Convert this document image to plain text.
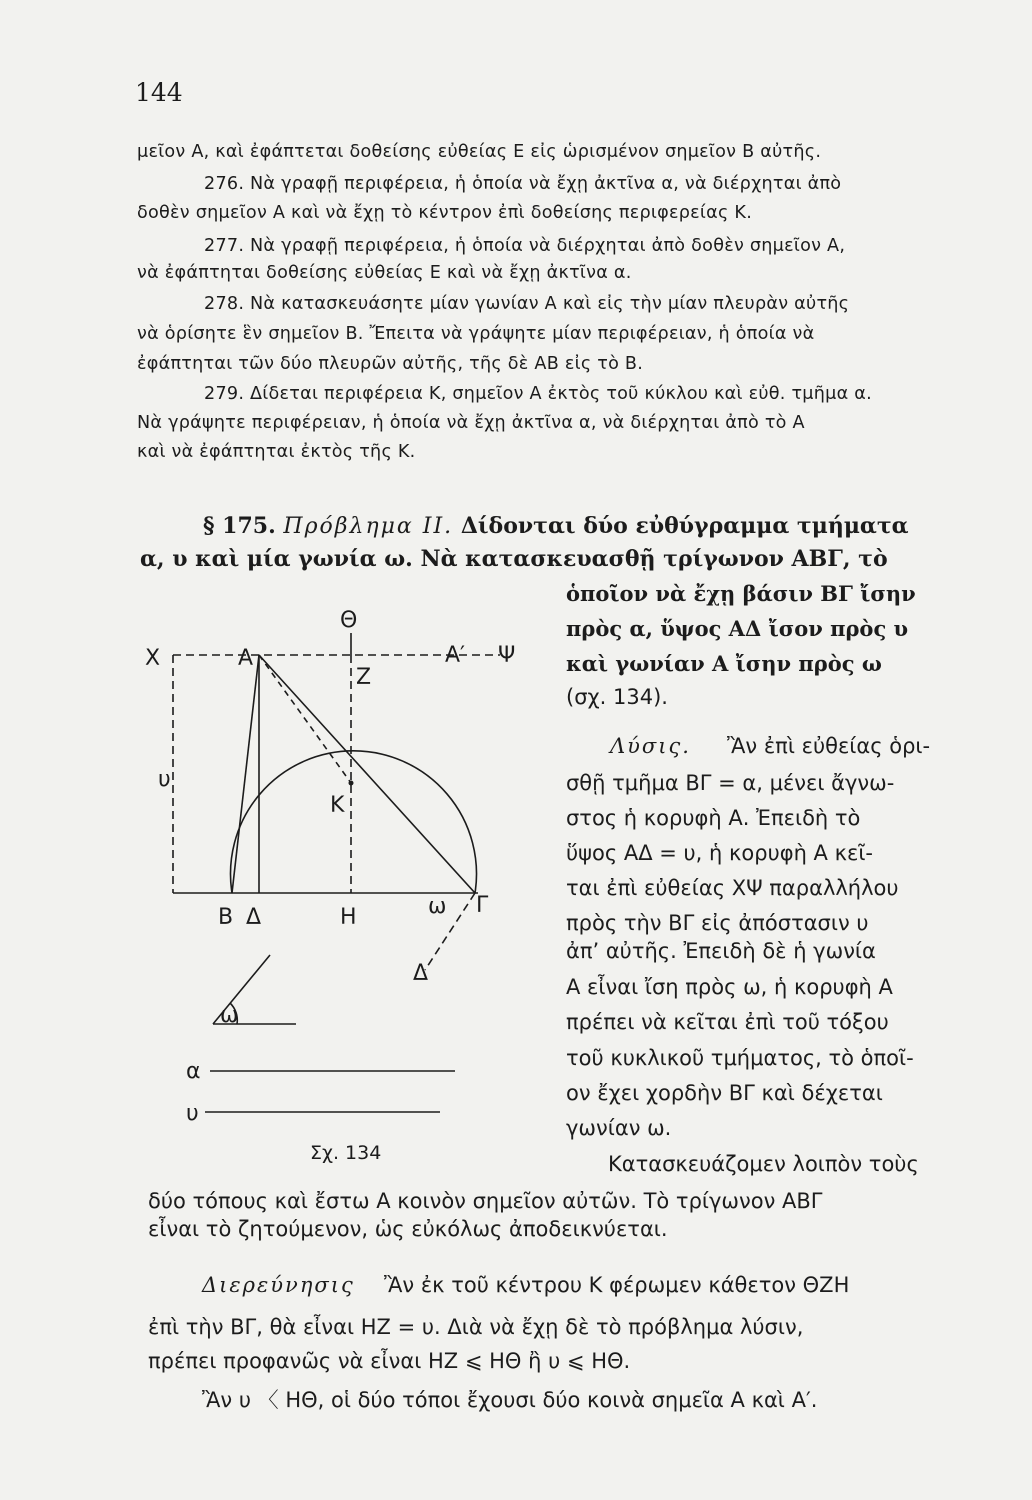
144
μεῖον Α, καὶ ἐφάπτεται δοθείσης εὐθείας Ε εἰς ὡρισμένον σημεῖον Β αὐτῆς.
276. Νὰ γραφῇ περιφέρεια, ἡ ὁποία νὰ ἔχῃ ἀκτῖνα α, νὰ διέρχηται ἀπὸ
δοθὲν σημεῖον Α καὶ νὰ ἔχῃ τὸ κέντρον ἐπὶ δοθείσης περιφερείας Κ.
277. Νὰ γραφῇ περιφέρεια, ἡ ὁποία νὰ διέρχηται ἀπὸ δοθὲν σημεῖον Α,
νὰ ἐφάπτηται δοθείσης εὐθείας Ε καὶ νὰ ἔχῃ ἀκτῖνα α.
278. Νὰ κατασκευάσητε μίαν γωνίαν Α καὶ εἰς τὴν μίαν πλευρὰν αὐτῆς
νὰ ὁρίσητε ἓν σημεῖον Β. Ἔπειτα νὰ γράψητε μίαν περιφέρειαν, ἡ ὁποία νὰ
ἐφάπτηται τῶν δύο πλευρῶν αὐτῆς, τῆς δὲ ΑΒ εἰς τὸ Β.
279. Δίδεται περιφέρεια Κ, σημεῖον Α ἐκτὸς τοῦ κύκλου καὶ εὐθ. τμῆμα α.
Νὰ γράψητε περιφέρειαν, ἡ ὁποία νὰ ἔχῃ ἀκτῖνα α, νὰ διέρχηται ἀπὸ τὸ Α
καὶ νὰ ἐφάπτηται ἐκτὸς τῆς Κ.
§ 175. Πρόβλημα ΙΙ. Δίδονται δύο εὐθύγραμμα τμήματα
α, υ καὶ μία γωνία ω. Νὰ κατασκευασθῇ τρίγωνον ΑΒΓ, τὸ
ὁποῖον νὰ ἔχῃ βάσιν ΒΓ ἴσην
πρὸς α, ὕψος ΑΔ ἴσον πρὸς υ
καὶ γωνίαν Α ἴσην πρὸς ω
(σχ. 134).
Λύσις. Ἂν ἐπὶ εὐθείας ὁρι-
σθῇ τμῆμα ΒΓ = α, μένει ἄγνω-
στος ἡ κορυφὴ Α. Ἐπειδὴ τὸ
ὕψος ΑΔ = υ, ἡ κορυφὴ Α κεῖ-
ται ἐπὶ εὐθείας ΧΨ παραλλήλου
πρὸς τὴν ΒΓ εἰς ἀπόστασιν υ
ἀπ’ αὐτῆς. Ἐπειδὴ δὲ ἡ γωνία
Α εἶναι ἴση πρὸς ω, ἡ κορυφὴ Α
πρέπει νὰ κεῖται ἐπὶ τοῦ τόξου
τοῦ κυκλικοῦ τμήματος, τὸ ὁποῖ-
ον ἔχει χορδὴν ΒΓ καὶ δέχεται
γωνίαν ω.
Κατασκευάζομεν λοιπὸν τοὺς
δύο τόπους καὶ ἔστω Α κοινὸν σημεῖον αὐτῶν. Τὸ τρίγωνον ΑΒΓ
εἶναι τὸ ζητούμενον, ὡς εὐκόλως ἀποδεικνύεται.
Διερεύνησις Ἂν ἐκ τοῦ κέντρου Κ φέρωμεν κάθετον ΘΖΗ
ἐπὶ τὴν ΒΓ, θὰ εἶναι ΗΖ = υ. Διὰ νὰ ἔχῃ δὲ τὸ πρόβλημα λύσιν,
πρέπει προφανῶς νὰ εἶναι ΗΖ ⩽ ΗΘ ἢ υ ⩽ ΗΘ.
Ἂν υ 〈 ΗΘ, οἱ δύο τόποι ἔχουσι δύο κοινὰ σημεῖα Α καὶ Α′.
Χ	Α
Θ
Α′ Ψ
Ζ
Κ
υ
Β Δ	Η	ω Γ
Δ
ω
α
υ
Σχ. 134
